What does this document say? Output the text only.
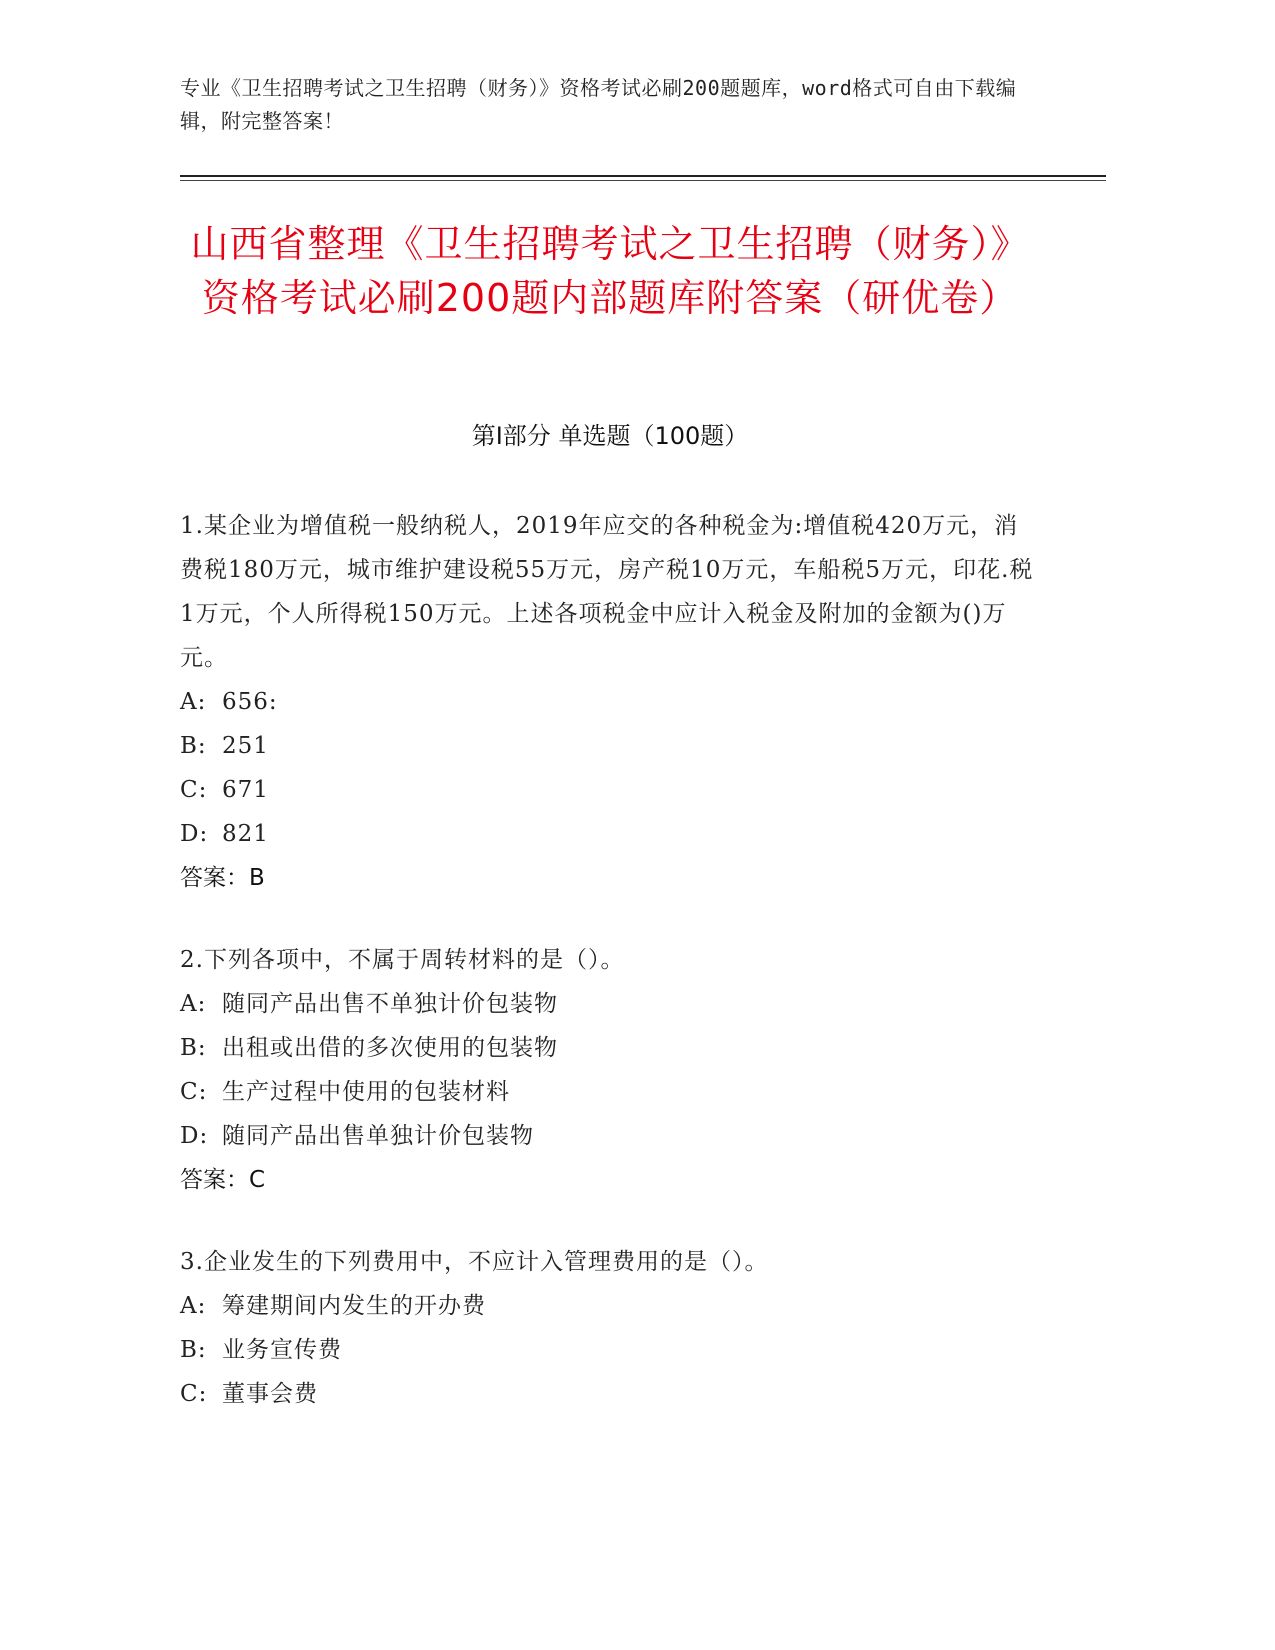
专业《卫生招聘考试之卫生招聘（财务）》资格考试必刷200题题库，word格式可自由下载编辑，附完整答案！
山西省整理《卫生招聘考试之卫生招聘（财务）》资格考试必刷200题内部题库附答案（研优卷）
第I部分 单选题（100题）
1.某企业为增值税一般纳税人，2019年应交的各种税金为:增值税420万元，消费税180万元，城市维护建设税55万元，房产税10万元，车船税5万元，印花.税1万元，个人所得税150万元。上述各项税金中应计入税金及附加的金额为()万元。
A: 656:
B: 251
C: 671
D: 821
答案：B
2.下列各项中，不属于周转材料的是（）。
A: 随同产品出售不单独计价包装物
B: 出租或出借的多次使用的包装物
C: 生产过程中使用的包装材料
D: 随同产品出售单独计价包装物
答案：C
3.企业发生的下列费用中，不应计入管理费用的是（）。
A: 筹建期间内发生的开办费
B: 业务宣传费
C: 董事会费
